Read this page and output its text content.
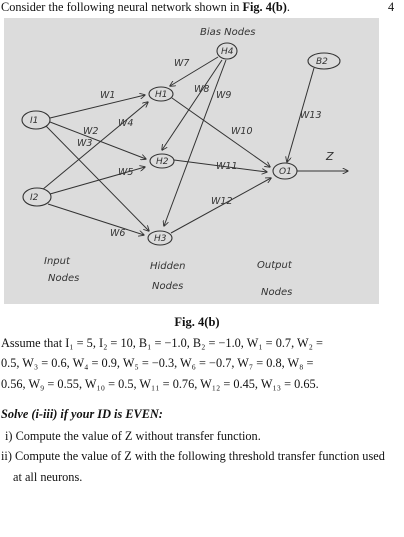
Consider the following neural network shown in Fig. 4(b).	4
I1
I2
H1
H2
H3
H4
B2
O1
W1
W2
W3
W4
W5
W6
W7
W8
W9
W10
W11
W12
W13
Z
Bias Nodes
Input
Nodes
Hidden
Nodes
Output
Nodes
Fig. 4(b)
Assume that I₁ = 5, I₂ = 10, B₁ = −1.0, B₂ = −1.0, W₁ = 0.7, W₂ =
0.5, W₃ = 0.6, W₄ = 0.9, W₅ = −0.3, W₆ = −0.7, W₇ = 0.8, W₈ =
0.56, W₉ = 0.55, W₁₀ = 0.5, W₁₁ = 0.76, W₁₂ = 0.45, W₁₃ = 0.65.
Solve (i-iii) if your ID is EVEN:
i) Compute the value of Z without transfer function.
ii) Compute the value of Z with the following threshold transfer function used
at all neurons.
